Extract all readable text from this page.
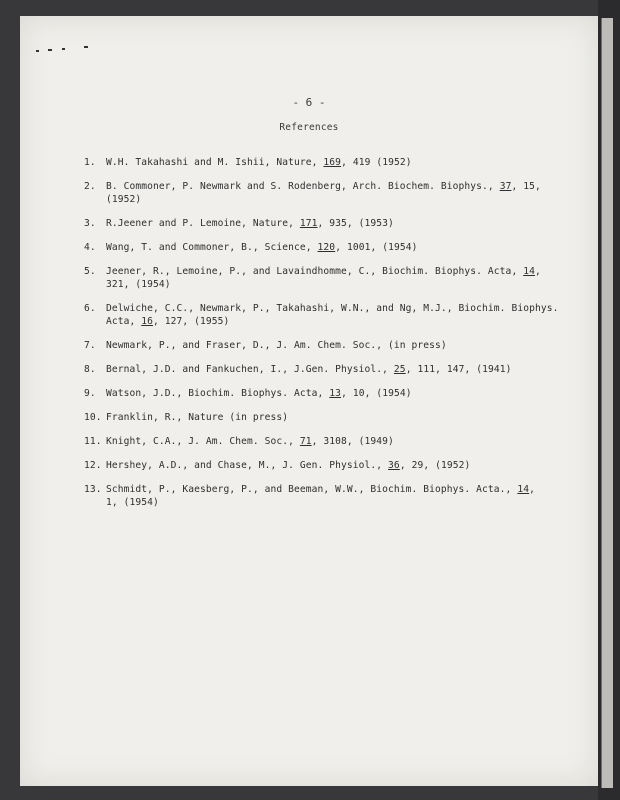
- 6 -
References
1. W.H. Takahashi and M. Ishii, Nature, 169, 419 (1952)
2. B. Commoner, P. Newmark and S. Rodenberg, Arch. Biochem. Biophys., 37, 15,
(1952)
3. R.Jeener and P. Lemoine, Nature, 171, 935, (1953)
4. Wang, T. and Commoner, B., Science, 120, 1001, (1954)
5. Jeener, R., Lemoine, P., and Lavaindhomme, C., Biochim. Biophys. Acta, 14,
321, (1954)
6. Delwiche, C.C., Newmark, P., Takahashi, W.N., and Ng, M.J., Biochim. Biophys.
Acta, 16, 127, (1955)
7. Newmark, P., and Fraser, D., J. Am. Chem. Soc., (in press)
8. Bernal, J.D. and Fankuchen, I., J.Gen. Physiol., 25, 111, 147, (1941)
9. Watson, J.D., Biochim. Biophys. Acta, 13, 10, (1954)
10. Franklin, R., Nature (in press)
11. Knight, C.A., J. Am. Chem. Soc., 71, 3108, (1949)
12. Hershey, A.D., and Chase, M., J. Gen. Physiol., 36, 29, (1952)
13. Schmidt, P., Kaesberg, P., and Beeman, W.W., Biochim. Biophys. Acta., 14,
1, (1954)
